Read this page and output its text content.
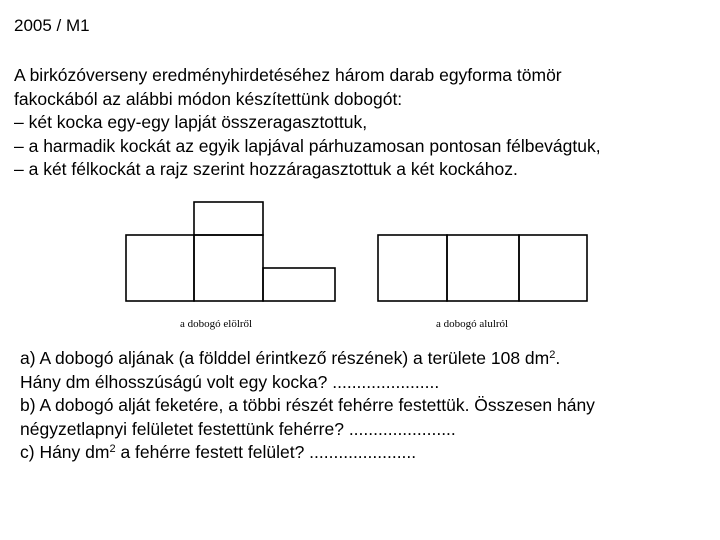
2005 / M1

A birkózóverseny eredményhirdetéséhez három darab egyforma tömör

fakockából az alábbi módon készítettünk dobogót:

– két kocka egy-egy lapját összeragasztottuk,

– a harmadik kockát az egyik lapjával párhuzamosan pontosan félbevágtuk,

– a két félkockát a rajz szerint hozzáragasztottuk a két kockához.

a dobogó elölről	a dobogó alulról

a) A dobogó aljának (a földdel érintkező részének) a területe 108 $dm^2$.

Hány dm élhosszúságú volt egy kocka? ......................

b) A dobogó alját feketére, a többi részét fehérre festettük. Összesen hány

négyzetlapnyi felületet festettünk fehérre? ......................

c) Hány $dm^2$ a fehérre festett felület? ......................
